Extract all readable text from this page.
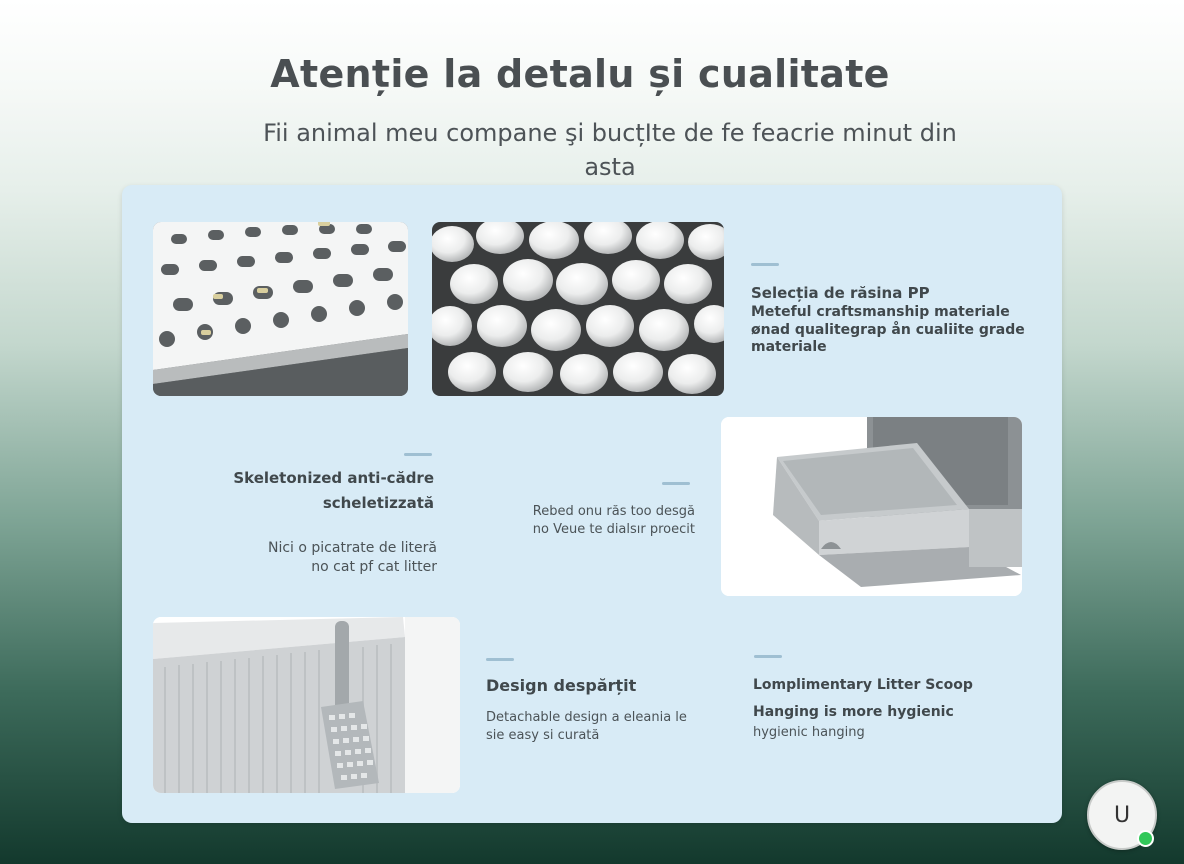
Atenție la detalu și cualitate
Fii animal meu compane şi bucțIte de fe feacrie minut din asta
Selecția de răsina PP
Meteful craftsmanship materiale
ønad qualitegrap ån cualiite grade
materiale
Skeletonized anti-cădre
scheletizzată
Nici o picatrate de literă
no cat pf cat litter
Rebed onu răs too desgă
no Veue te dialsır proecit
Design despărțit
Detachable design a eleania le
sie easy si curată
Lomplimentary Litter Scoop
Hanging is more hygienic
hygienic hanging
U
